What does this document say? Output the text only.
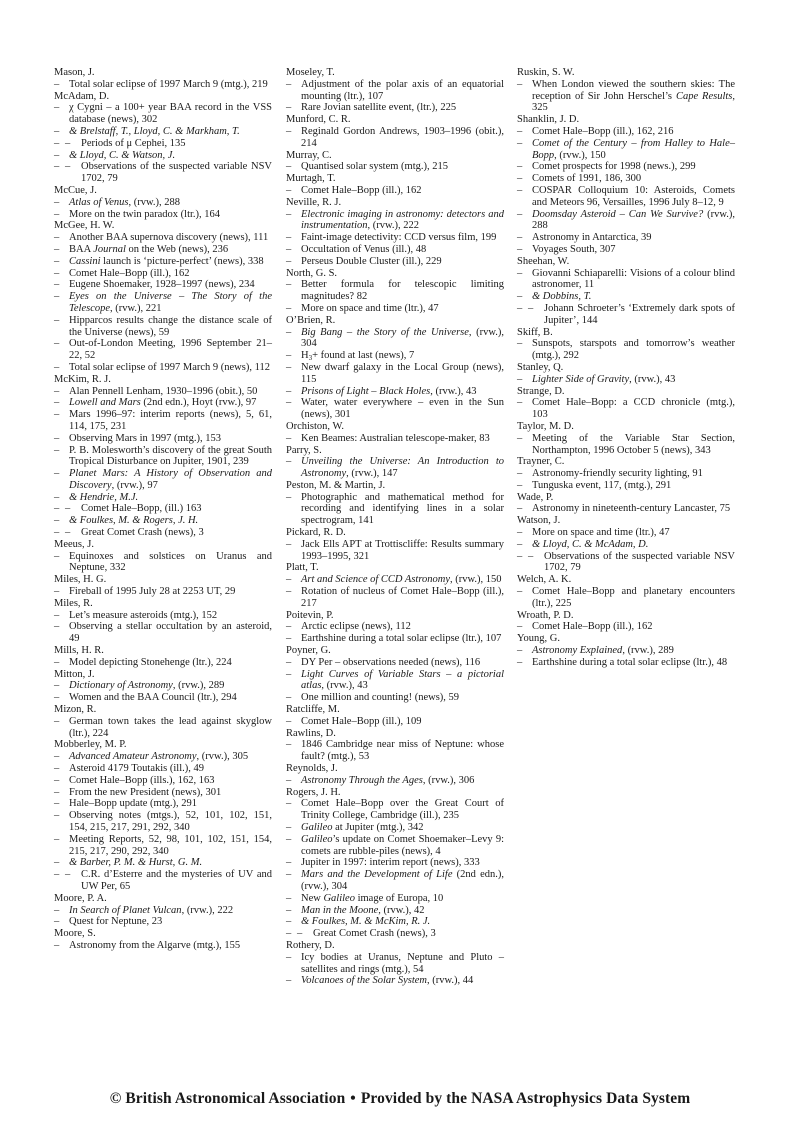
Mason, J.
– Total solar eclipse of 1997 March 9 (mtg.), 219
McAdam, D.
– χ Cygni – a 100+ year BAA record in the VSS database (news), 302
– & Brelstaff, T., Lloyd, C. & Markham, T.
– – Periods of μ Cephei, 135
– & Lloyd, C. & Watson, J.
– – Observations of the suspected variable NSV 1702, 79
McCue, J.
– Atlas of Venus, (rvw.), 288
– More on the twin paradox (ltr.), 164
McGee, H. W.
– Another BAA supernova discovery (news), 111
– BAA Journal on the Web (news), 236
– Cassini launch is ‘picture-perfect’ (news), 338
– Comet Hale–Bopp (ill.), 162
– Eugene Shoemaker, 1928–1997 (news), 234
– Eyes on the Universe – The Story of the Telescope, (rvw.), 221
– Hipparcos results change the distance scale of the Universe (news), 59
– Out-of-London Meeting, 1996 September 21–22, 52
– Total solar eclipse of 1997 March 9 (news), 112
McKim, R. J.
– Alan Pennell Lenham, 1930–1996 (obit.), 50
– Lowell and Mars (2nd edn.), Hoyt (rvw.), 97
– Mars 1996–97: interim reports (news), 5, 61, 114, 175, 231
– Observing Mars in 1997 (mtg.), 153
– P. B. Molesworth’s discovery of the great South Tropical Disturbance on Jupiter, 1901, 239
– Planet Mars: A History of Observation and Discovery, (rvw.), 97
– & Hendrie, M.J.
– – Comet Hale–Bopp, (ill.) 163
– & Foulkes, M. & Rogers, J. H.
– – Great Comet Crash (news), 3
Meeus, J.
– Equinoxes and solstices on Uranus and Neptune, 332
Miles, H. G.
– Fireball of 1995 July 28 at 2253 UT, 29
Miles, R.
– Let’s measure asteroids (mtg.), 152
– Observing a stellar occultation by an asteroid, 49
Mills, H. R.
– Model depicting Stonehenge (ltr.), 224
Mitton, J.
– Dictionary of Astronomy, (rvw.), 289
– Women and the BAA Council (ltr.), 294
Mizon, R.
– German town takes the lead against skyglow (ltr.), 224
Mobberley, M. P.
– Advanced Amateur Astronomy, (rvw.), 305
– Asteroid 4179 Toutakis (ill.), 49
– Comet Hale–Bopp (ills.), 162, 163
– From the new President (news), 301
– Hale–Bopp update (mtg.), 291
– Observing notes (mtgs.), 52, 101, 102, 151, 154, 215, 217, 291, 292, 340
– Meeting Reports, 52, 98, 101, 102, 151, 154, 215, 217, 290, 292, 340
– & Barber, P. M. & Hurst, G. M.
– – C.R. d’Esterre and the mysteries of UV and UW Per, 65
Moore, P. A.
– In Search of Planet Vulcan, (rvw.), 222
– Quest for Neptune, 23
Moore, S.
– Astronomy from the Algarve (mtg.), 155
Moseley, T.
– Adjustment of the polar axis of an equatorial mounting (ltr.), 107
– Rare Jovian satellite event, (ltr.), 225
Munford, C. R.
– Reginald Gordon Andrews, 1903–1996 (obit.), 214
Murray, C.
– Quantised solar system (mtg.), 215
Murtagh, T.
– Comet Hale–Bopp (ill.), 162
Neville, R. J.
– Electronic imaging in astronomy: detectors and instrumentation, (rvw.), 222
– Faint-image detectivity: CCD versus film, 199
– Occultation of Venus (ill.), 48
– Perseus Double Cluster (ill.), 229
North, G. S.
– Better formula for telescopic limiting magnitudes? 82
– More on space and time (ltr.), 47
O’Brien, R.
– Big Bang – the Story of the Universe, (rvw.), 304
– $H_3+$ found at last (news), 7
– New dwarf galaxy in the Local Group (news), 115
– Prisons of Light – Black Holes, (rvw.), 43
– Water, water everywhere – even in the Sun (news), 301
Orchiston, W.
– Ken Beames: Australian telescope-maker, 83
Parry, S.
– Unveiling the Universe: An Introduction to Astronomy, (rvw.), 147
Peston, M. & Martin, J.
– Photographic and mathematical method for recording and identifying lines in a solar spectrogram, 141
Pickard, R. D.
– Jack Ells APT at Trottiscliffe: Results summary 1993–1995, 321
Platt, T.
– Art and Science of CCD Astronomy, (rvw.), 150
– Rotation of nucleus of Comet Hale–Bopp (ill.), 217
Poitevin, P.
– Arctic eclipse (news), 112
– Earthshine during a total solar eclipse (ltr.), 107
Poyner, G.
– DY Per – observations needed (news), 116
– Light Curves of Variable Stars – a pictorial atlas, (rvw.), 43
– One million and counting! (news), 59
Ratcliffe, M.
– Comet Hale–Bopp (ill.), 109
Rawlins, D.
– 1846 Cambridge near miss of Neptune: whose fault? (mtg.), 53
Reynolds, J.
– Astronomy Through the Ages, (rvw.), 306
Rogers, J. H.
– Comet Hale–Bopp over the Great Court of Trinity College, Cambridge (ill.), 235
– Galileo at Jupiter (mtg.), 342
– Galileo’s update on Comet Shoemaker–Levy 9: comets are rubble-piles (news), 4
– Jupiter in 1997: interim report (news), 333
– Mars and the Development of Life (2nd edn.), (rvw.), 304
– New Galileo image of Europa, 10
– Man in the Moone, (rvw.), 42
– & Foulkes, M. & McKim, R. J.
– – Great Comet Crash (news), 3
Rothery, D.
– Icy bodies at Uranus, Neptune and Pluto – satellites and rings (mtg.), 54
– Volcanoes of the Solar System, (rvw.), 44
Ruskin, S. W.
– When London viewed the southern skies: The reception of Sir John Herschel’s Cape Results, 325
Shanklin, J. D.
– Comet Hale–Bopp (ill.), 162, 216
– Comet of the Century – from Halley to Hale–Bopp, (rvw.), 150
– Comet prospects for 1998 (news.), 299
– Comets of 1991, 186, 300
– COSPAR Colloquium 10: Asteroids, Comets and Meteors 96, Versailles, 1996 July 8–12, 9
– Doomsday Asteroid – Can We Survive? (rvw.), 288
– Astronomy in Antarctica, 39
– Voyages South, 307
Sheehan, W.
– Giovanni Schiaparelli: Visions of a colour blind astronomer, 11
– & Dobbins, T.
– – Johann Schroeter’s ‘Extremely dark spots of Jupiter’, 144
Skiff, B.
– Sunspots, starspots and tomorrow’s weather (mtg.), 292
Stanley, Q.
– Lighter Side of Gravity, (rvw.), 43
Strange, D.
– Comet Hale–Bopp: a CCD chronicle (mtg.), 103
Taylor, M. D.
– Meeting of the Variable Star Section, Northampton, 1996 October 5 (news), 343
Trayner, C.
– Astronomy-friendly security lighting, 91
– Tunguska event, 117, (mtg.), 291
Wade, P.
– Astronomy in nineteenth-century Lancaster, 75
Watson, J.
– More on space and time (ltr.), 47
– & Lloyd, C. & McAdam, D.
– – Observations of the suspected variable NSV 1702, 79
Welch, A. K.
– Comet Hale–Bopp and planetary encounters (ltr.), 225
Wroath, P. D.
– Comet Hale–Bopp (ill.), 162
Young, G.
– Astronomy Explained, (rvw.), 289
– Earthshine during a total solar eclipse (ltr.), 48
© British Astronomical Association • Provided by the NASA Astrophysics Data System
